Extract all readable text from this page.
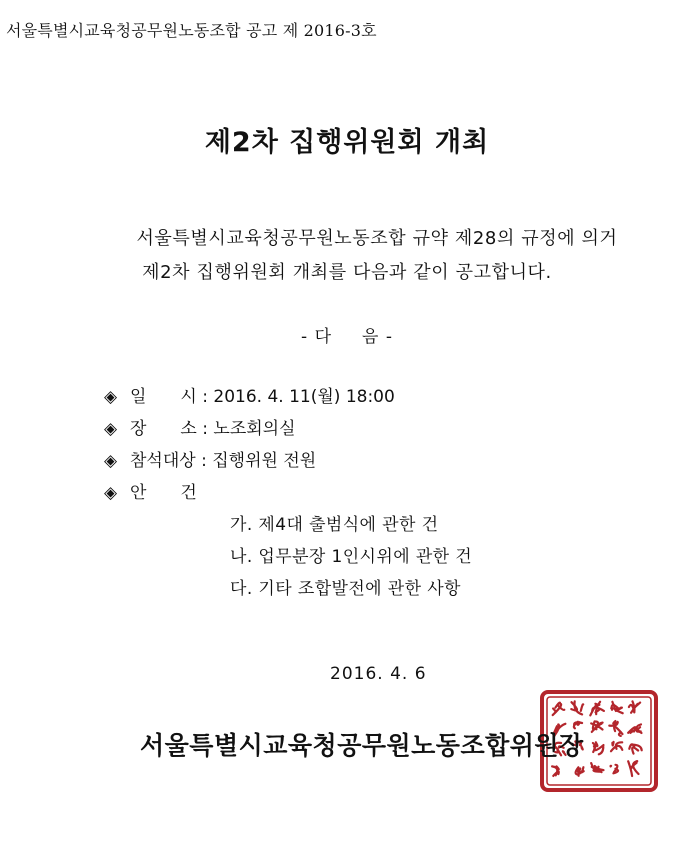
서울특별시교육청공무원노동조합 공고 제 2016-3호
제2차 집행위원회 개최
서울특별시교육청공무원노동조합 규약 제28의 규정에 의거
제2차 집행위원회 개최를 다음과 같이 공고합니다.
- 다 음 -
◈ 일　　시 : 2016. 4. 11(월) 18:00
◈ 장　　소 : 노조회의실
◈ 참석대상 : 집행위원 전원
◈ 안　　건
가. 제4대 출범식에 관한 건
나. 업무분장 1인시위에 관한 건
다. 기타 조합발전에 관한 사항
2016. 4. 6
서울특별시교육청공무원노동조합위원장
